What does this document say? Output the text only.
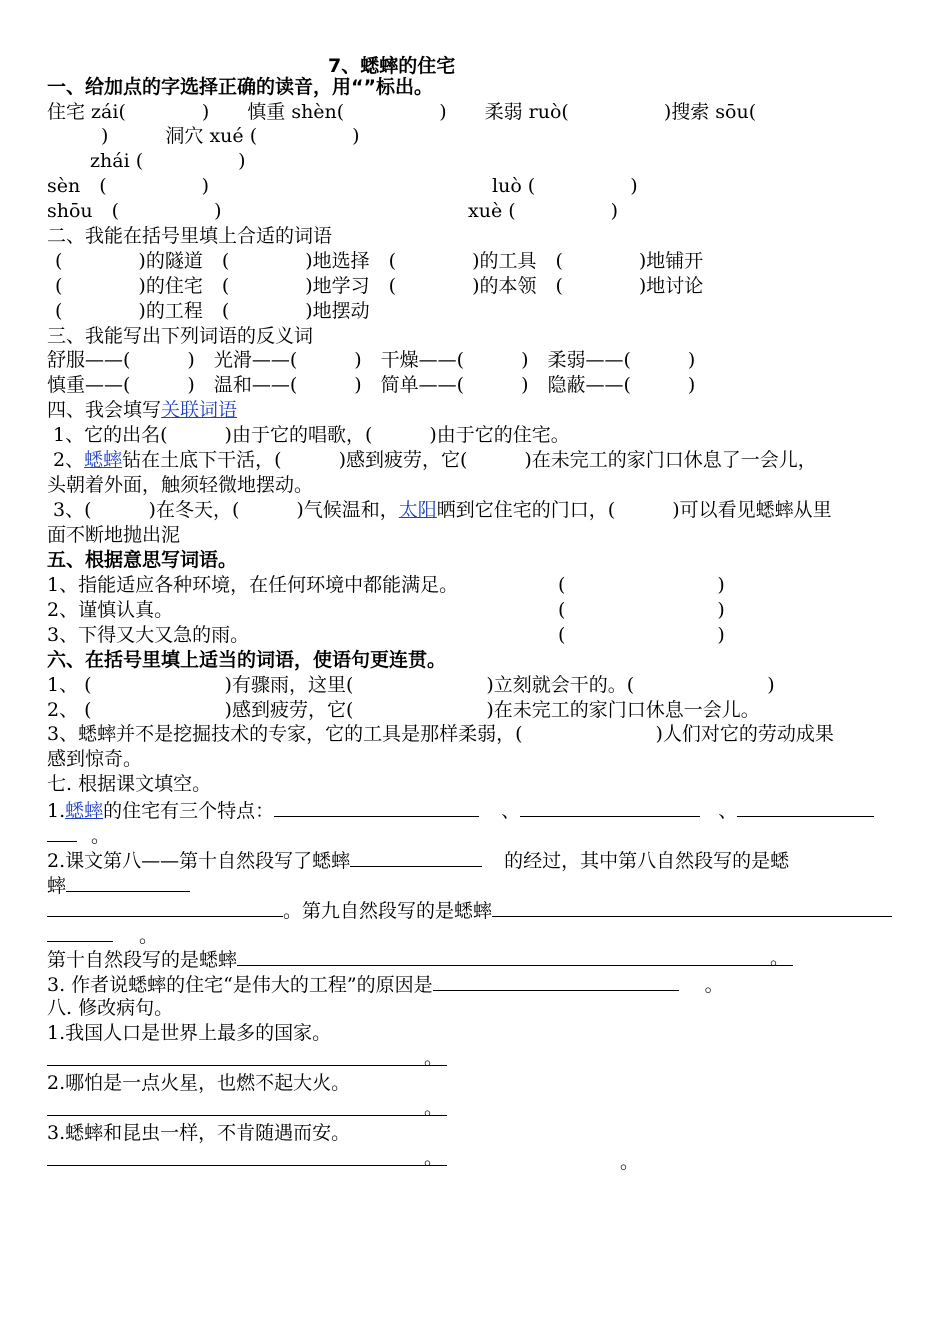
7、蟋蟀的住宅
一、给加点的字选择正确的读音，用“”标出。
住宅 zái(　　　　)　　慎重 shèn(　　　　　)　　柔弱 ruò(　　　　　)搜索 sōu(
　)　　　洞穴 xué (　　　　　)
zhái (　　　　　)
sèn　(　　　　　)	luò (　　　　　)
shōu　(　　　　　)	xuè (　　　　　)
二、我能在括号里填上合适的词语
(　　　　)的隧道　(　　　　)地选择　(　　　　)的工具　(　　　　)地铺开
(　　　　)的住宅　(　　　　)地学习　(　　　　)的本领　(　　　　)地讨论
(　　　　)的工程　(　　　　)地摆动
三、我能写出下列词语的反义词
舒服——(　　　)　光滑——(　　　)　干燥——(　　　)　柔弱——(　　　)
慎重——(　　　)　温和——(　　　)　简单——(　　　)　隐蔽——(　　　)
四、我会填写关联词语
1、它的出名(　　　)由于它的唱歌，(　　　)由于它的住宅。
2、蟋蟀钻在土底下干活，(　　　)感到疲劳，它(　　　)在未完工的家门口休息了一会儿，
头朝着外面，触须轻微地摆动。
3、(　　　)在冬天，(　　　)气候温和，太阳晒到它住宅的门口，(　　　)可以看见蟋蟀从里
面不断地抛出泥
五、根据意思写词语。
1、指能适应各种环境，在任何环境中都能满足。	(　　　　　　　　)
2、谨慎认真。	(　　　　　　　　)
3、下得又大又急的雨。	(　　　　　　　　)
六、在括号里填上适当的词语，使语句更连贯。
1、 (　　　　　　　)有骤雨，这里(　　　　　　　)立刻就会干的。(　　　　　　　)
2、 (　　　　　　　)感到疲劳，它(　　　　　　　)在未完工的家门口休息一会儿。
3、蟋蟀并不是挖掘技术的专家，它的工具是那样柔弱，(　　　　　　　)人们对它的劳动成果
感到惊奇。
七. 根据课文填空。
1.蟋蟀的住宅有三个特点：	、	、
。
2.课文第八——第十自然段写了蟋蟀	的经过，其中第八自然段写的是蟋
蟀
。第九自然段写的是蟋蟀
。
第十自然段写的是蟋蟀	。
3. 作者说蟋蟀的住宅“是伟大的工程”的原因是	。
八. 修改病句。
1.我国人口是世界上最多的国家。
。
2.哪怕是一点火星，也燃不起大火。
。
3.蟋蟀和昆虫一样，不肯随遇而安。
。	。
